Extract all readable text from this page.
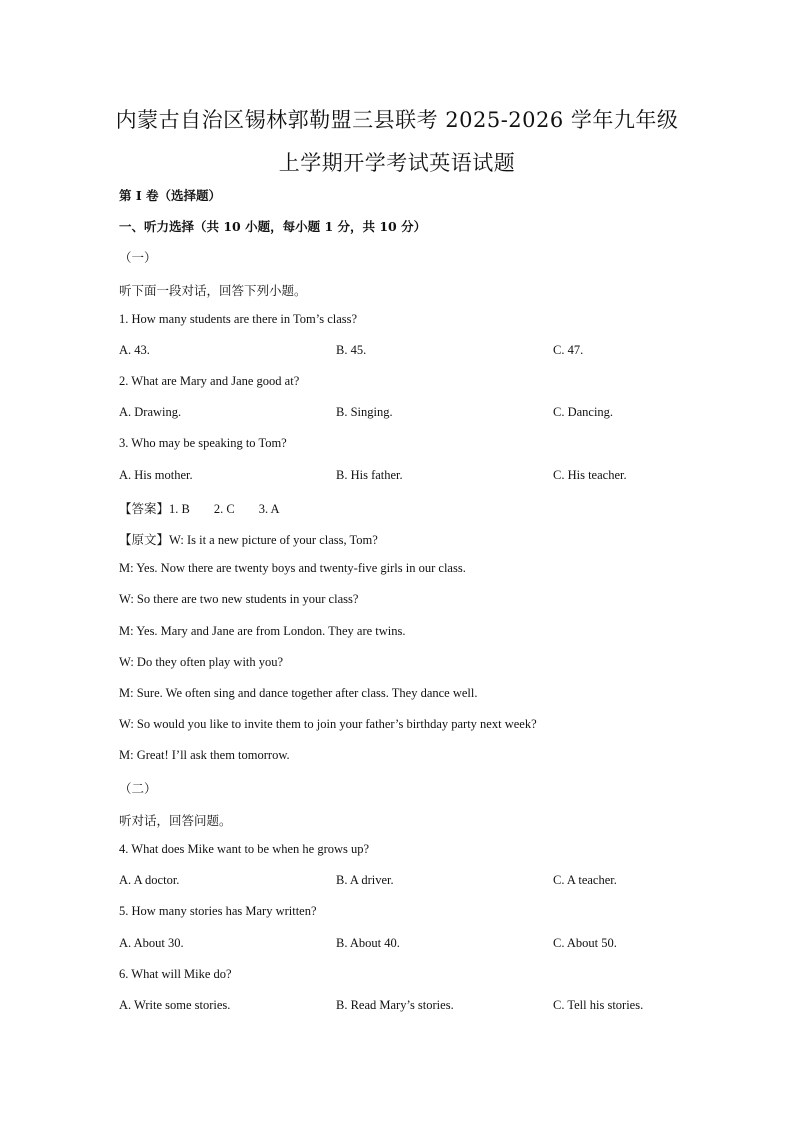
内蒙古自治区锡林郭勒盟三县联考 2025-2026 学年九年级
上学期开学考试英语试题
第 I 卷（选择题）
一、听力选择（共 10 小题，每小题 1 分，共 10 分）
（一）
听下面一段对话，回答下列小题。
1. How many students are there in Tom’s class?
A. 43.	B. 45.	C. 47.
2. What are Mary and Jane good at?
A. Drawing.	B. Singing.	C. Dancing.
3. Who may be speaking to Tom?
A. His mother.	B. His father.	C. His teacher.
【答案】1. B 2. C 3. A
【原文】W: Is it a new picture of your class, Tom?
M: Yes. Now there are twenty boys and twenty-five girls in our class.
W: So there are two new students in your class?
M: Yes. Mary and Jane are from London. They are twins.
W: Do they often play with you?
M: Sure. We often sing and dance together after class. They dance well.
W: So would you like to invite them to join your father’s birthday party next week?
M: Great! I’ll ask them tomorrow.
（二）
听对话，回答问题。
4. What does Mike want to be when he grows up?
A. A doctor.	B. A driver.	C. A teacher.
5. How many stories has Mary written?
A. About 30.	B. About 40.	C. About 50.
6. What will Mike do?
A. Write some stories.	B. Read Mary’s stories.	C. Tell his stories.
